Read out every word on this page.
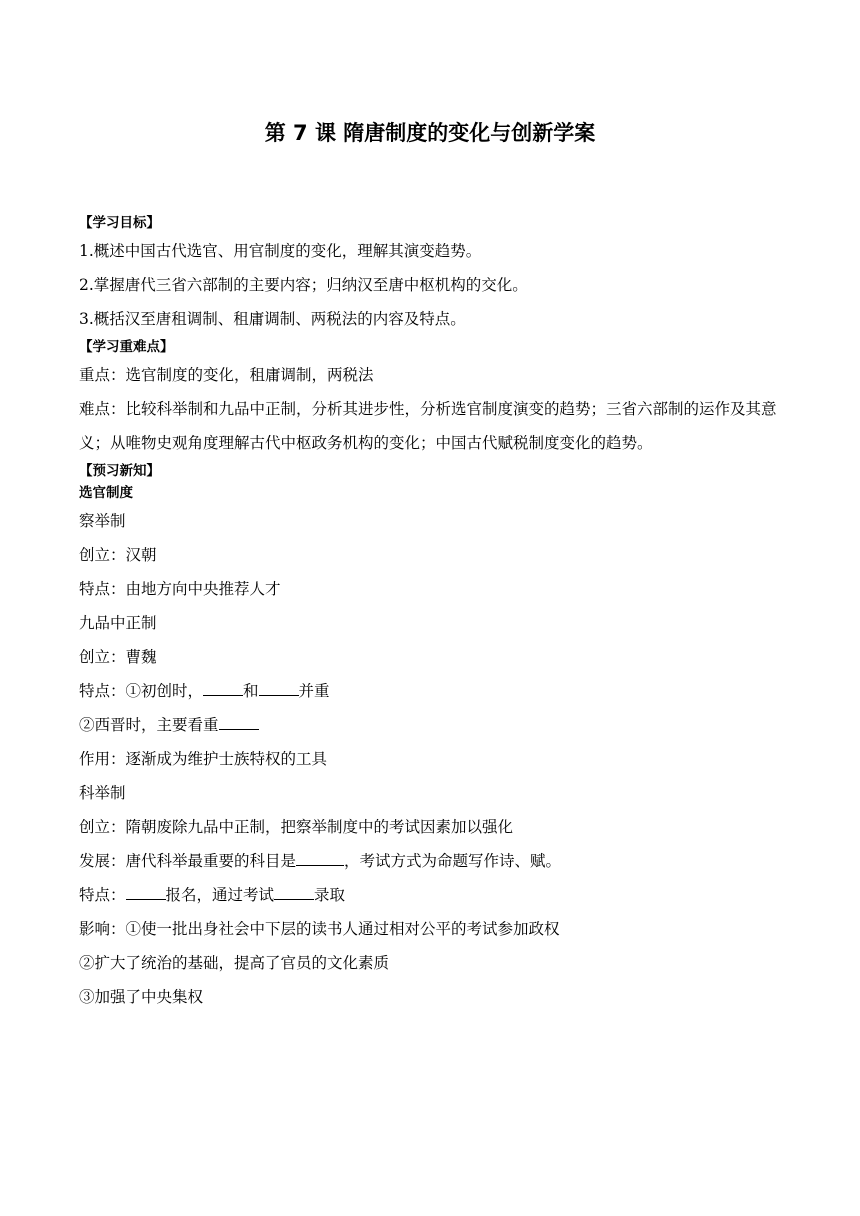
第 7 课 隋唐制度的变化与创新学案
【学习目标】
1.概述中国古代选官、用官制度的变化，理解其演变趋势。
2.掌握唐代三省六部制的主要内容；归纳汉至唐中枢机构的交化。
3.概括汉至唐租调制、租庸调制、两税法的内容及特点。
【学习重难点】
重点：选官制度的变化，租庸调制，两税法
难点：比较科举制和九品中正制，分析其进步性，分析选官制度演变的趋势；三省六部制的运作及其意义；从唯物史观角度理解古代中枢政务机构的变化；中国古代赋税制度变化的趋势。
【预习新知】
选官制度
察举制
创立：汉朝
特点：由地方向中央推荐人才
九品中正制
创立：曹魏
特点：①初创时，	和	并重
②西晋时，主要看重
作用：逐渐成为维护士族特权的工具
科举制
创立：隋朝废除九品中正制，把察举制度中的考试因素加以强化
发展：唐代科举最重要的科目是	，考试方式为命题写作诗、赋。
特点：	报名，通过考试	录取
影响：①使一批出身社会中下层的读书人通过相对公平的考试参加政权
②扩大了统治的基础，提高了官员的文化素质
③加强了中央集权
